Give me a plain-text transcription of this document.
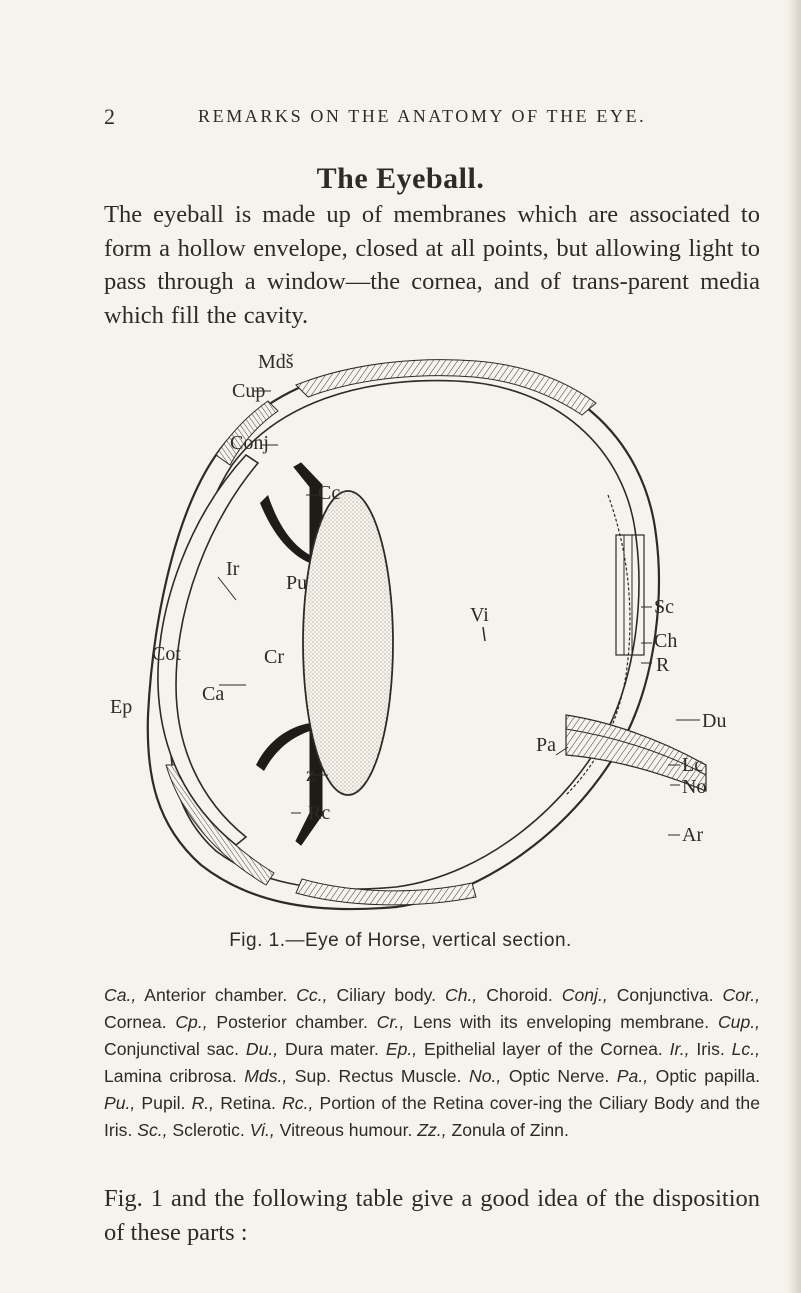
2	REMARKS ON THE ANATOMY OF THE EYE.
The Eyeball.
The eyeball is made up of membranes which are associated to form a hollow envelope, closed at all points, but allowing light to pass through a window—the cornea, and of trans-parent media which fill the cavity.
Mdš
Cup
Conj
Cc
Ir
Pu
Cot
Ca
Cr
Ep
z
Rc
Vi
Pa
Sc
Ch
R
Du
Lc
No
Ar
Fig. 1.—Eye of Horse, vertical section.
Ca., Anterior chamber. Cc., Ciliary body. Ch., Choroid. Conj., Conjunctiva. Cor., Cornea. Cp., Posterior chamber. Cr., Lens with its enveloping membrane. Cup., Conjunctival sac. Du., Dura mater. Ep., Epithelial layer of the Cornea. Ir., Iris. Lc., Lamina cribrosa. Mds., Sup. Rectus Muscle. No., Optic Nerve. Pa., Optic papilla. Pu., Pupil. R., Retina. Rc., Portion of the Retina cover-ing the Ciliary Body and the Iris. Sc., Sclerotic. Vi., Vitreous humour. Zz., Zonula of Zinn.
Fig. 1 and the following table give a good idea of the disposition of these parts :
